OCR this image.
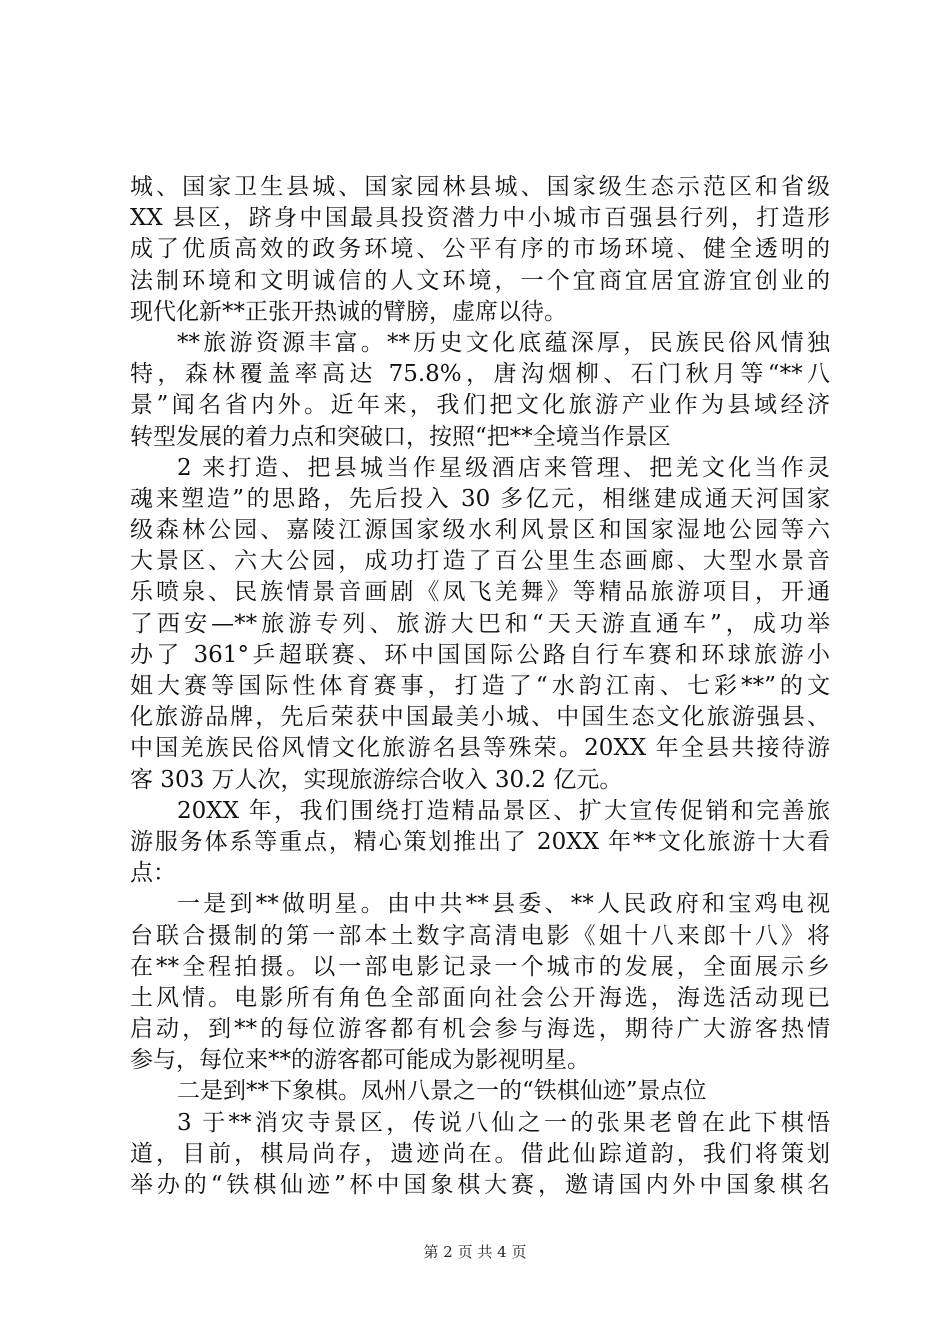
城、国家卫生县城、国家园林县城、国家级生态示范区和省级
XX 县区，跻身中国最具投资潜力中小城市百强县行列，打造形
成了优质高效的政务环境、公平有序的市场环境、健全透明的
法制环境和文明诚信的人文环境，一个宜商宜居宜游宜创业的
现代化新**正张开热诚的臂膀，虚席以待。
**旅游资源丰富。**历史文化底蕴深厚，民族民俗风情独
特，森林覆盖率高达 75.8%，唐沟烟柳、石门秋月等“**八
景”闻名省内外。近年来，我们把文化旅游产业作为县域经济
转型发展的着力点和突破口，按照“把**全境当作景区
2 来打造、把县城当作星级酒店来管理、把羌文化当作灵
魂来塑造”的思路，先后投入 30 多亿元，相继建成通天河国家
级森林公园、嘉陵江源国家级水利风景区和国家湿地公园等六
大景区、六大公园，成功打造了百公里生态画廊、大型水景音
乐喷泉、民族情景音画剧《凤飞羌舞》等精品旅游项目，开通
了西安—**旅游专列、旅游大巴和“天天游直通车”，成功举
办了 361°乒超联赛、环中国国际公路自行车赛和环球旅游小
姐大赛等国际性体育赛事，打造了“水韵江南、七彩**”的文
化旅游品牌，先后荣获中国最美小城、中国生态文化旅游强县、
中国羌族民俗风情文化旅游名县等殊荣。20XX 年全县共接待游
客 303 万人次，实现旅游综合收入 30.2 亿元。
20XX 年，我们围绕打造精品景区、扩大宣传促销和完善旅
游服务体系等重点，精心策划推出了 20XX 年**文化旅游十大看
点：
一是到**做明星。由中共**县委、**人民政府和宝鸡电视
台联合摄制的第一部本土数字高清电影《姐十八来郎十八》将
在**全程拍摄。以一部电影记录一个城市的发展，全面展示乡
土风情。电影所有角色全部面向社会公开海选，海选活动现已
启动，到**的每位游客都有机会参与海选，期待广大游客热情
参与，每位来**的游客都可能成为影视明星。
二是到**下象棋。凤州八景之一的“铁棋仙迹”景点位
3 于**消灾寺景区，传说八仙之一的张果老曾在此下棋悟
道，目前，棋局尚存，遗迹尚在。借此仙踪道韵，我们将策划
举办的“铁棋仙迹”杯中国象棋大赛，邀请国内外中国象棋名
第 2 页 共 4 页
